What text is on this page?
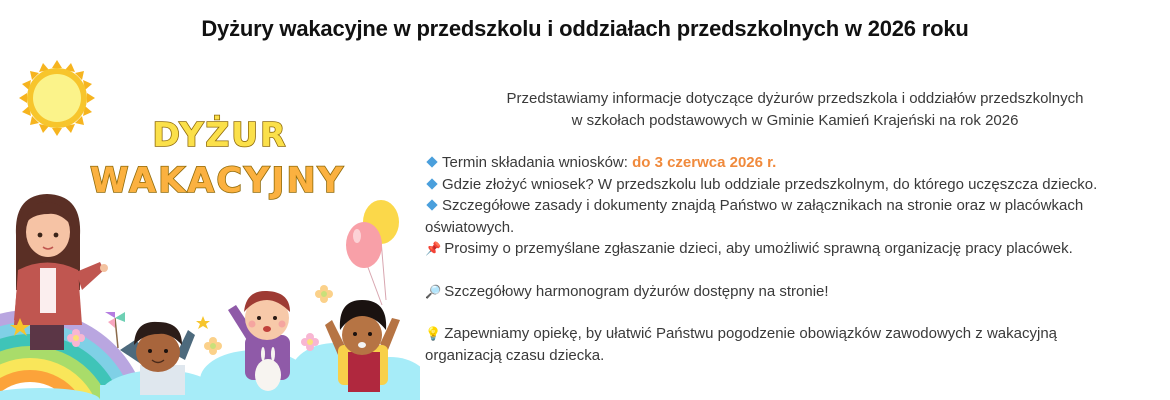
Dyżury wakacyjne w przedszkolu i oddziałach przedszkolnych w 2026 roku
DYŻUR
WAKACYJNY
Przedstawiamy informacje dotyczące dyżurów przedszkola i oddziałów przedszkolnych
w szkołach podstawowych w Gminie Kamień Krajeński na rok 2026
Termin składania wniosków: do 3 czerwca 2026 r.
Gdzie złożyć wniosek? W przedszkolu lub oddziale przedszkolnym, do którego uczęszcza dziecko.
Szczegółowe zasady i dokumenty znajdą Państwo w załącznikach na stronie oraz w placówkach
oświatowych.
📌 Prosimy o przemyślane zgłaszanie dzieci, aby umożliwić sprawną organizację pracy placówek.
🔎 Szczegółowy harmonogram dyżurów dostępny na stronie!
💡 Zapewniamy opiekę, by ułatwić Państwu pogodzenie obowiązków zawodowych z wakacyjną
organizacją czasu dziecka.
